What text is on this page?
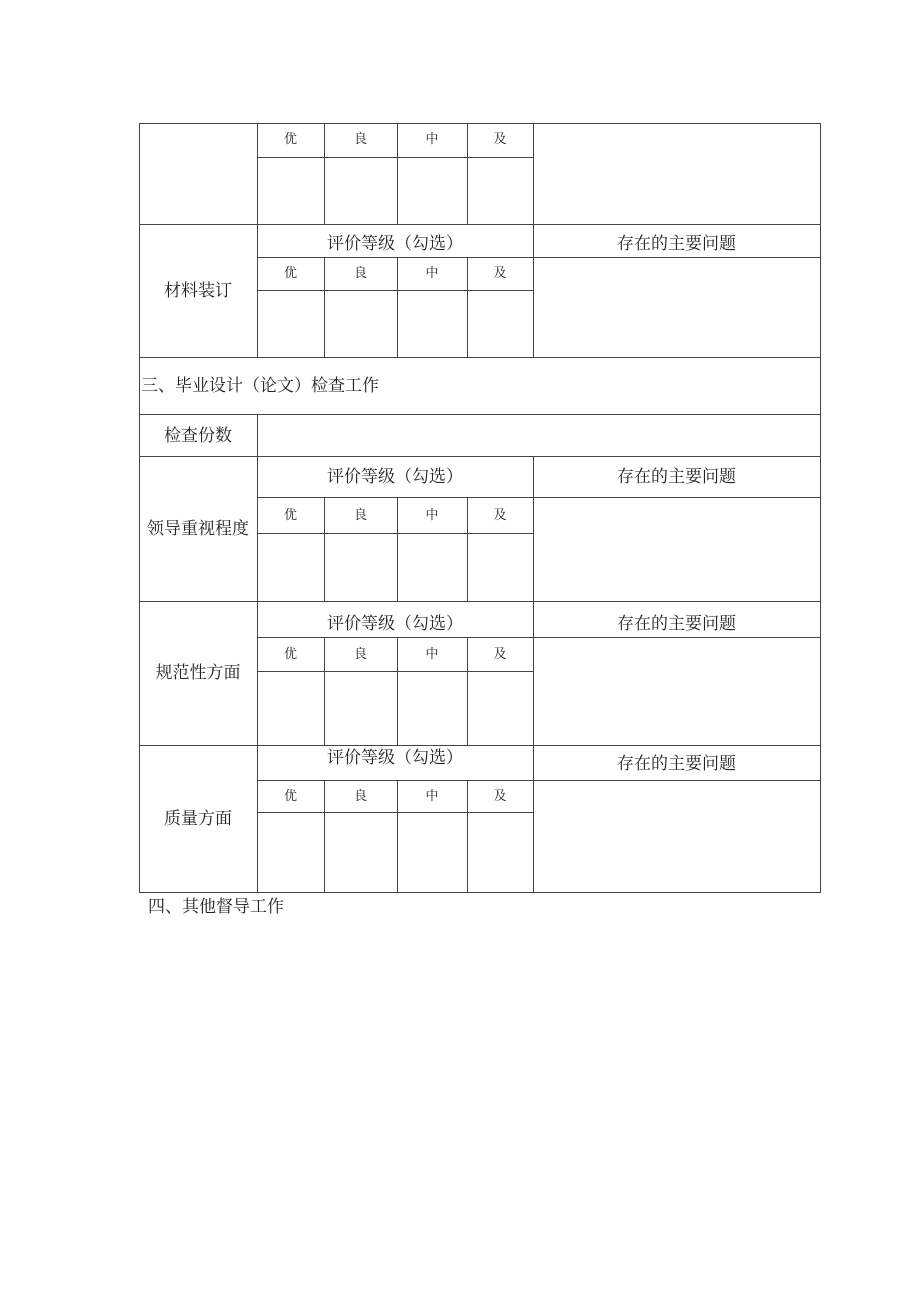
优	良	中	及
材料装订
评价等级（勾选）	存在的主要问题
优	良	中	及
三、毕业设计（论文）检查工作
检查份数
领导重视程度
评价等级（勾选）	存在的主要问题
优	良	中	及
规范性方面
评价等级（勾选）	存在的主要问题
优	良	中	及
质量方面
评价等级（勾选）	存在的主要问题
优	良	中	及
四、其他督导工作
